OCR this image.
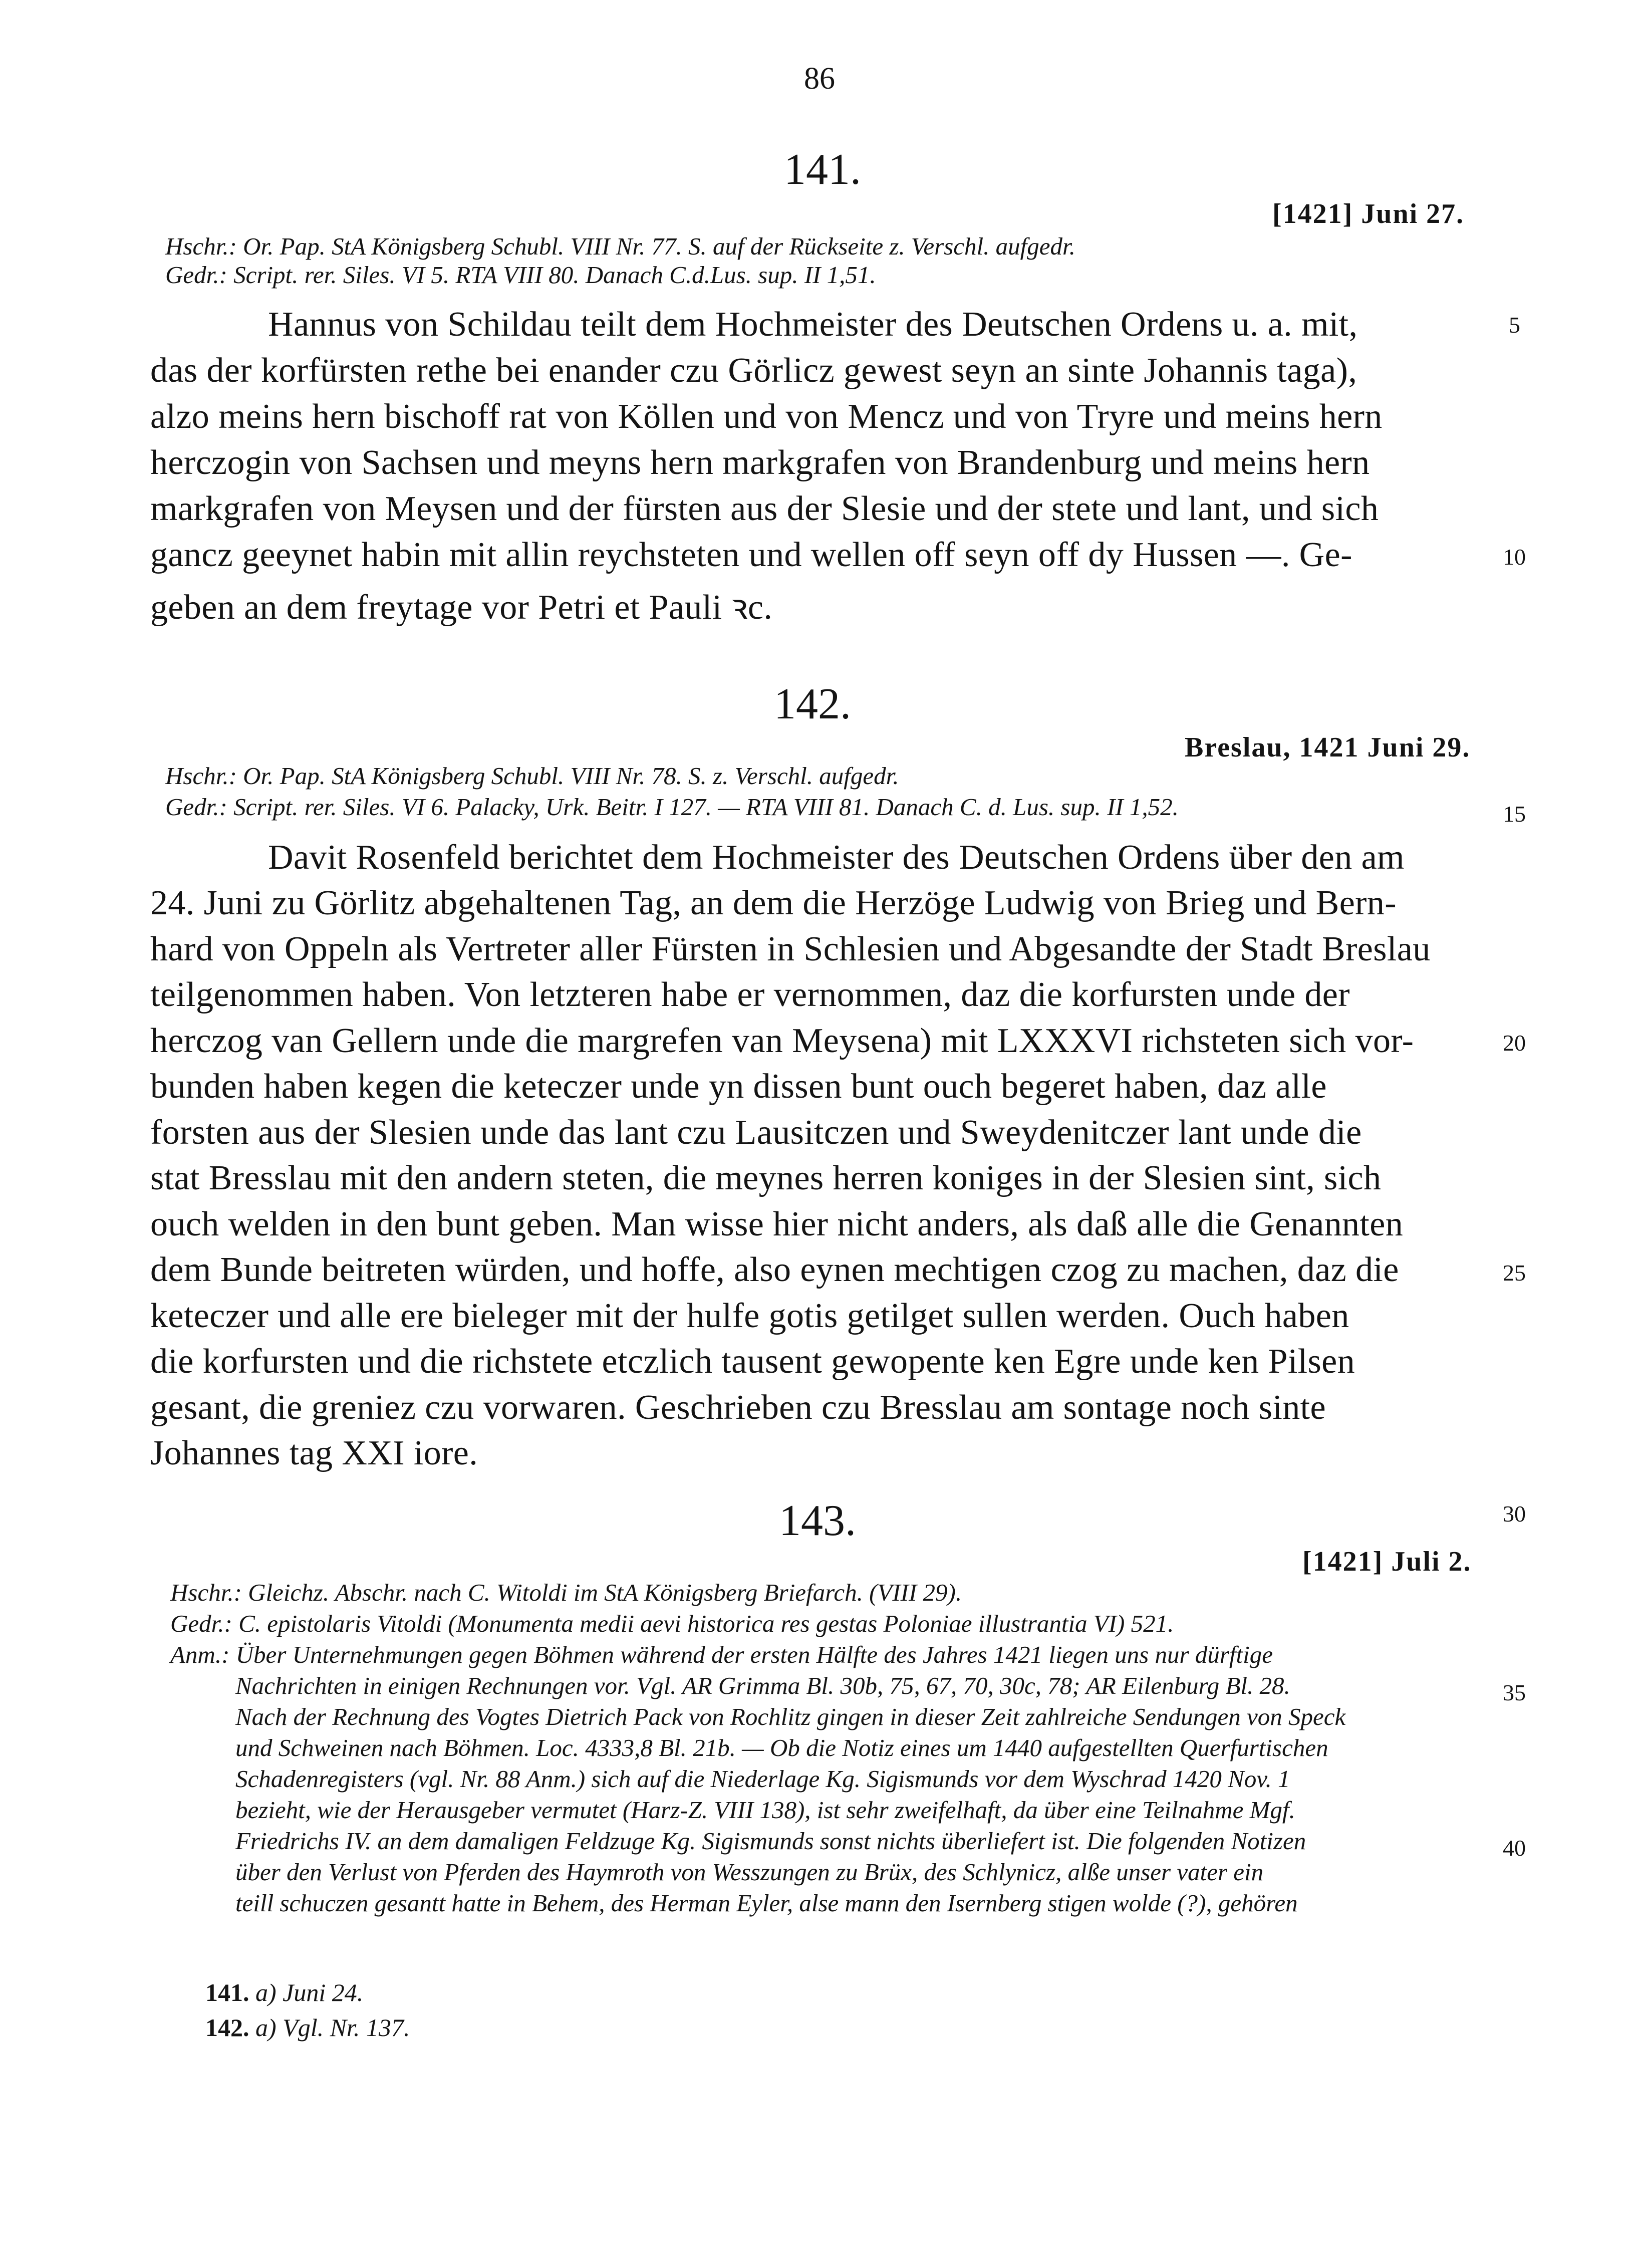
86
141.
[1421] Juni 27.
Hschr.: Or. Pap. StA Königsberg Schubl. VIII Nr. 77. S. auf der Rückseite z. Verschl. aufgedr.
Gedr.: Script. rer. Siles. VI 5. RTA VIII 80. Danach C.d.Lus. sup. II 1,51.
Hannus von Schildau teilt dem Hochmeister des Deutschen Ordens u. a. mit,
das der korfürsten rethe bei enander czu Görlicz gewest seyn an sinte Johannis taga),
alzo meins hern bischoff rat von Köllen und von Mencz und von Tryre und meins hern
herczogin von Sachsen und meyns hern markgrafen von Brandenburg und meins hern
markgrafen von Meysen und der fürsten aus der Slesie und der stete und lant, und sich
gancz geeynet habin mit allin reychsteten und wellen off seyn off dy Hussen —. Ge-
geben an dem freytage vor Petri et Pauli ꝛc.
142.
Breslau, 1421 Juni 29.
Hschr.: Or. Pap. StA Königsberg Schubl. VIII Nr. 78. S. z. Verschl. aufgedr.
Gedr.: Script. rer. Siles. VI 6. Palacky, Urk. Beitr. I 127. — RTA VIII 81. Danach C. d. Lus. sup. II 1,52.
Davit Rosenfeld berichtet dem Hochmeister des Deutschen Ordens über den am
24. Juni zu Görlitz abgehaltenen Tag, an dem die Herzöge Ludwig von Brieg und Bern-
hard von Oppeln als Vertreter aller Fürsten in Schlesien und Abgesandte der Stadt Breslau
teilgenommen haben. Von letzteren habe er vernommen, daz die korfursten unde der
herczog van Gellern unde die margrefen van Meysena) mit LXXXVI richsteten sich vor-
bunden haben kegen die keteczer unde yn dissen bunt ouch begeret haben, daz alle
forsten aus der Slesien unde das lant czu Lausitczen und Sweydenitczer lant unde die
stat Bresslau mit den andern steten, die meynes herren koniges in der Slesien sint, sich
ouch welden in den bunt geben. Man wisse hier nicht anders, als daß alle die Genannten
dem Bunde beitreten würden, und hoffe, also eynen mechtigen czog zu machen, daz die
keteczer und alle ere bieleger mit der hulfe gotis getilget sullen werden. Ouch haben
die korfursten und die richstete etczlich tausent gewopente ken Egre unde ken Pilsen
gesant, die greniez czu vorwaren. Geschrieben czu Bresslau am sontage noch sinte
Johannes tag XXI iore.
143.
[1421] Juli 2.
Hschr.: Gleichz. Abschr. nach C. Witoldi im StA Königsberg Briefarch. (VIII 29).
Gedr.: C. epistolaris Vitoldi (Monumenta medii aevi historica res gestas Poloniae illustrantia VI) 521.
Anm.: Über Unternehmungen gegen Böhmen während der ersten Hälfte des Jahres 1421 liegen uns nur dürftige
Nachrichten in einigen Rechnungen vor. Vgl. AR Grimma Bl. 30b, 75, 67, 70, 30c, 78; AR Eilenburg Bl. 28.
Nach der Rechnung des Vogtes Dietrich Pack von Rochlitz gingen in dieser Zeit zahlreiche Sendungen von Speck
und Schweinen nach Böhmen. Loc. 4333,8 Bl. 21b. — Ob die Notiz eines um 1440 aufgestellten Querfurtischen
Schadenregisters (vgl. Nr. 88 Anm.) sich auf die Niederlage Kg. Sigismunds vor dem Wyschrad 1420 Nov. 1
bezieht, wie der Herausgeber vermutet (Harz-Z. VIII 138), ist sehr zweifelhaft, da über eine Teilnahme Mgf.
Friedrichs IV. an dem damaligen Feldzuge Kg. Sigismunds sonst nichts überliefert ist. Die folgenden Notizen
über den Verlust von Pferden des Haymroth von Wesszungen zu Brüx, des Schlynicz, alße unser vater ein
teill schuczen gesantt hatte in Behem, des Herman Eyler, alse mann den Isernberg stigen wolde (?), gehören
5
10
15
20
25
30
35
40
141. a) Juni 24.
142. a) Vgl. Nr. 137.
